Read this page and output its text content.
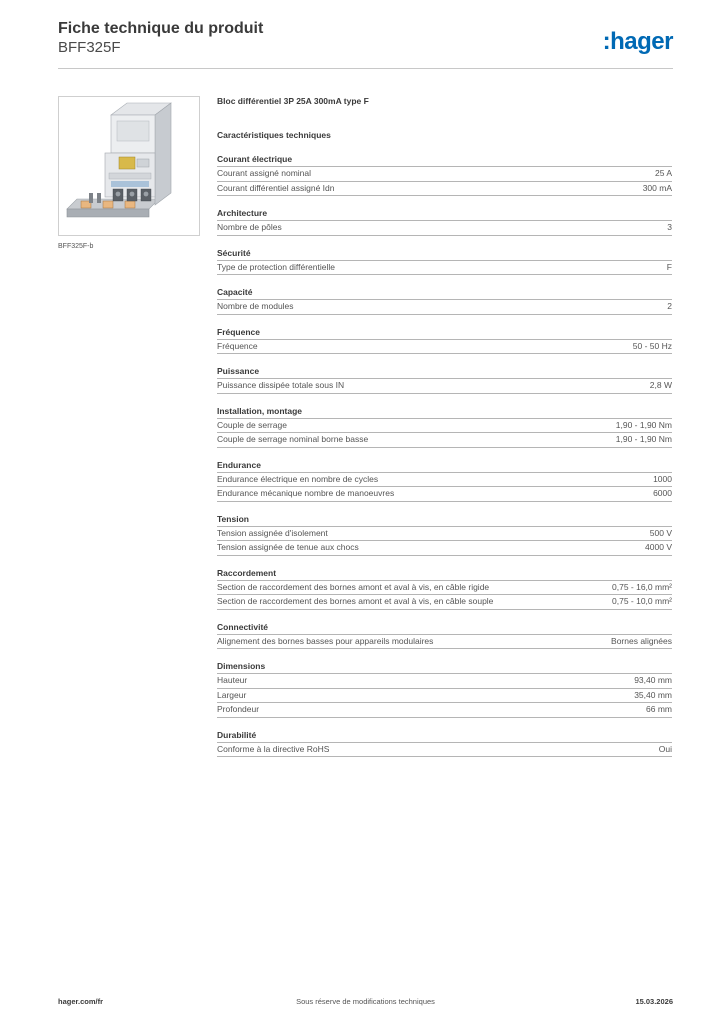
Fiche technique du produit
BFF325F	:hager
BFF325F-b
Bloc différentiel 3P 25A 300mA type F
Caractéristiques techniques
Courant électrique
Courant assigné nominal	25 A
Courant différentiel assigné Idn	300 mA
Architecture
Nombre de pôles	3
Sécurité
Type de protection différentielle	F
Capacité
Nombre de modules	2
Fréquence
Fréquence	50 - 50 Hz
Puissance
Puissance dissipée totale sous IN	2,8 W
Installation, montage
Couple de serrage	1,90 - 1,90 Nm
Couple de serrage nominal borne basse	1,90 - 1,90 Nm
Endurance
Endurance électrique en nombre de cycles	1000
Endurance mécanique nombre de manoeuvres	6000
Tension
Tension assignée d'isolement	500 V
Tension assignée de tenue aux chocs	4000 V
Raccordement
Section de raccordement des bornes amont et aval à vis, en câble rigide	0,75 - 16,0 mm²
Section de raccordement des bornes amont et aval à vis, en câble souple	0,75 - 10,0 mm²
Connectivité
Alignement des bornes basses pour appareils modulaires	Bornes alignées
Dimensions
Hauteur	93,40 mm
Largeur	35,40 mm
Profondeur	66 mm
Durabilité
Conforme à la directive RoHS	Oui
hager.com/fr	Sous réserve de modifications techniques	15.03.2026
